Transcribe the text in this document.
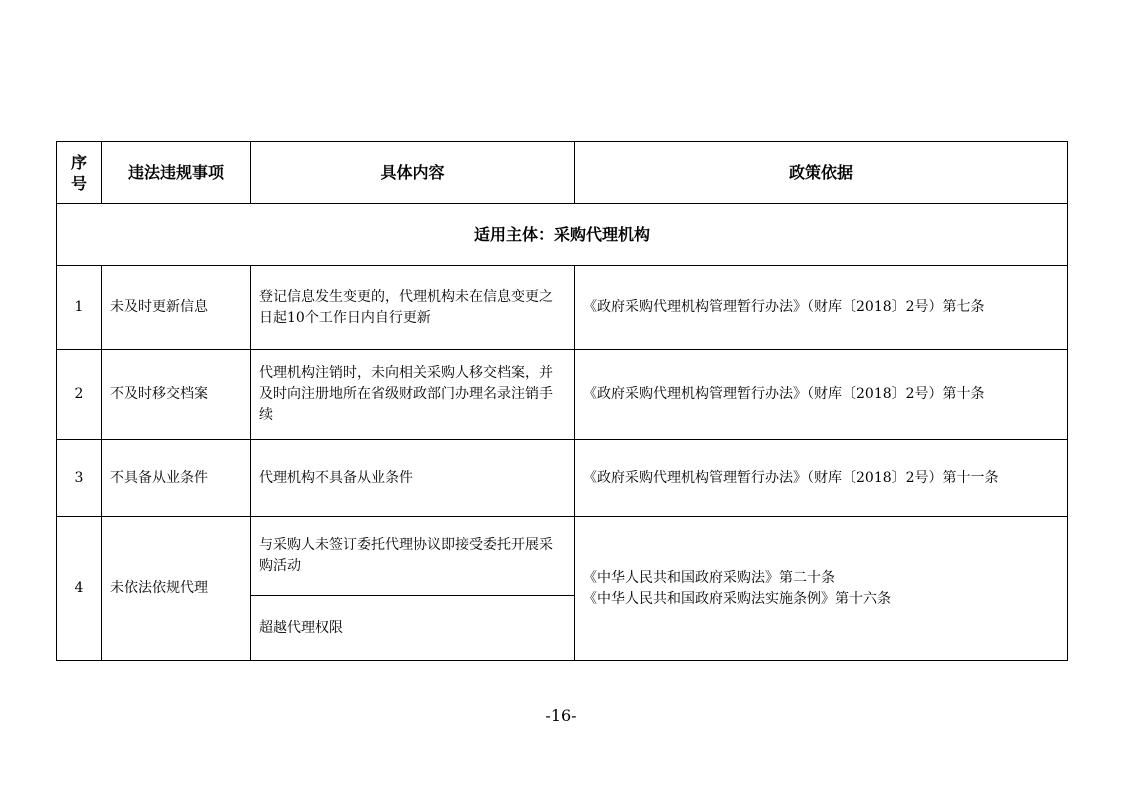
序
号	违法违规事项	具体内容	政策依据
适用主体：采购代理机构			
1	未及时更新信息	登记信息发生变更的，代理机构未在信息变更之日起10个工作日内自行更新	《政府采购代理机构管理暂行办法》（财库〔2018〕2号）第七条
2	不及时移交档案	代理机构注销时，未向相关采购人移交档案，并及时向注册地所在省级财政部门办理名录注销手续	《政府采购代理机构管理暂行办法》（财库〔2018〕2号）第十条
3	不具备从业条件	代理机构不具备从业条件	《政府采购代理机构管理暂行办法》（财库〔2018〕2号）第十一条
4	未依法依规代理	与采购人未签订委托代理协议即接受委托开展采购活动	《中华人民共和国政府采购法》第二十条
《中华人民共和国政府采购法实施条例》第十六条

		超越代理权限	
-16-
